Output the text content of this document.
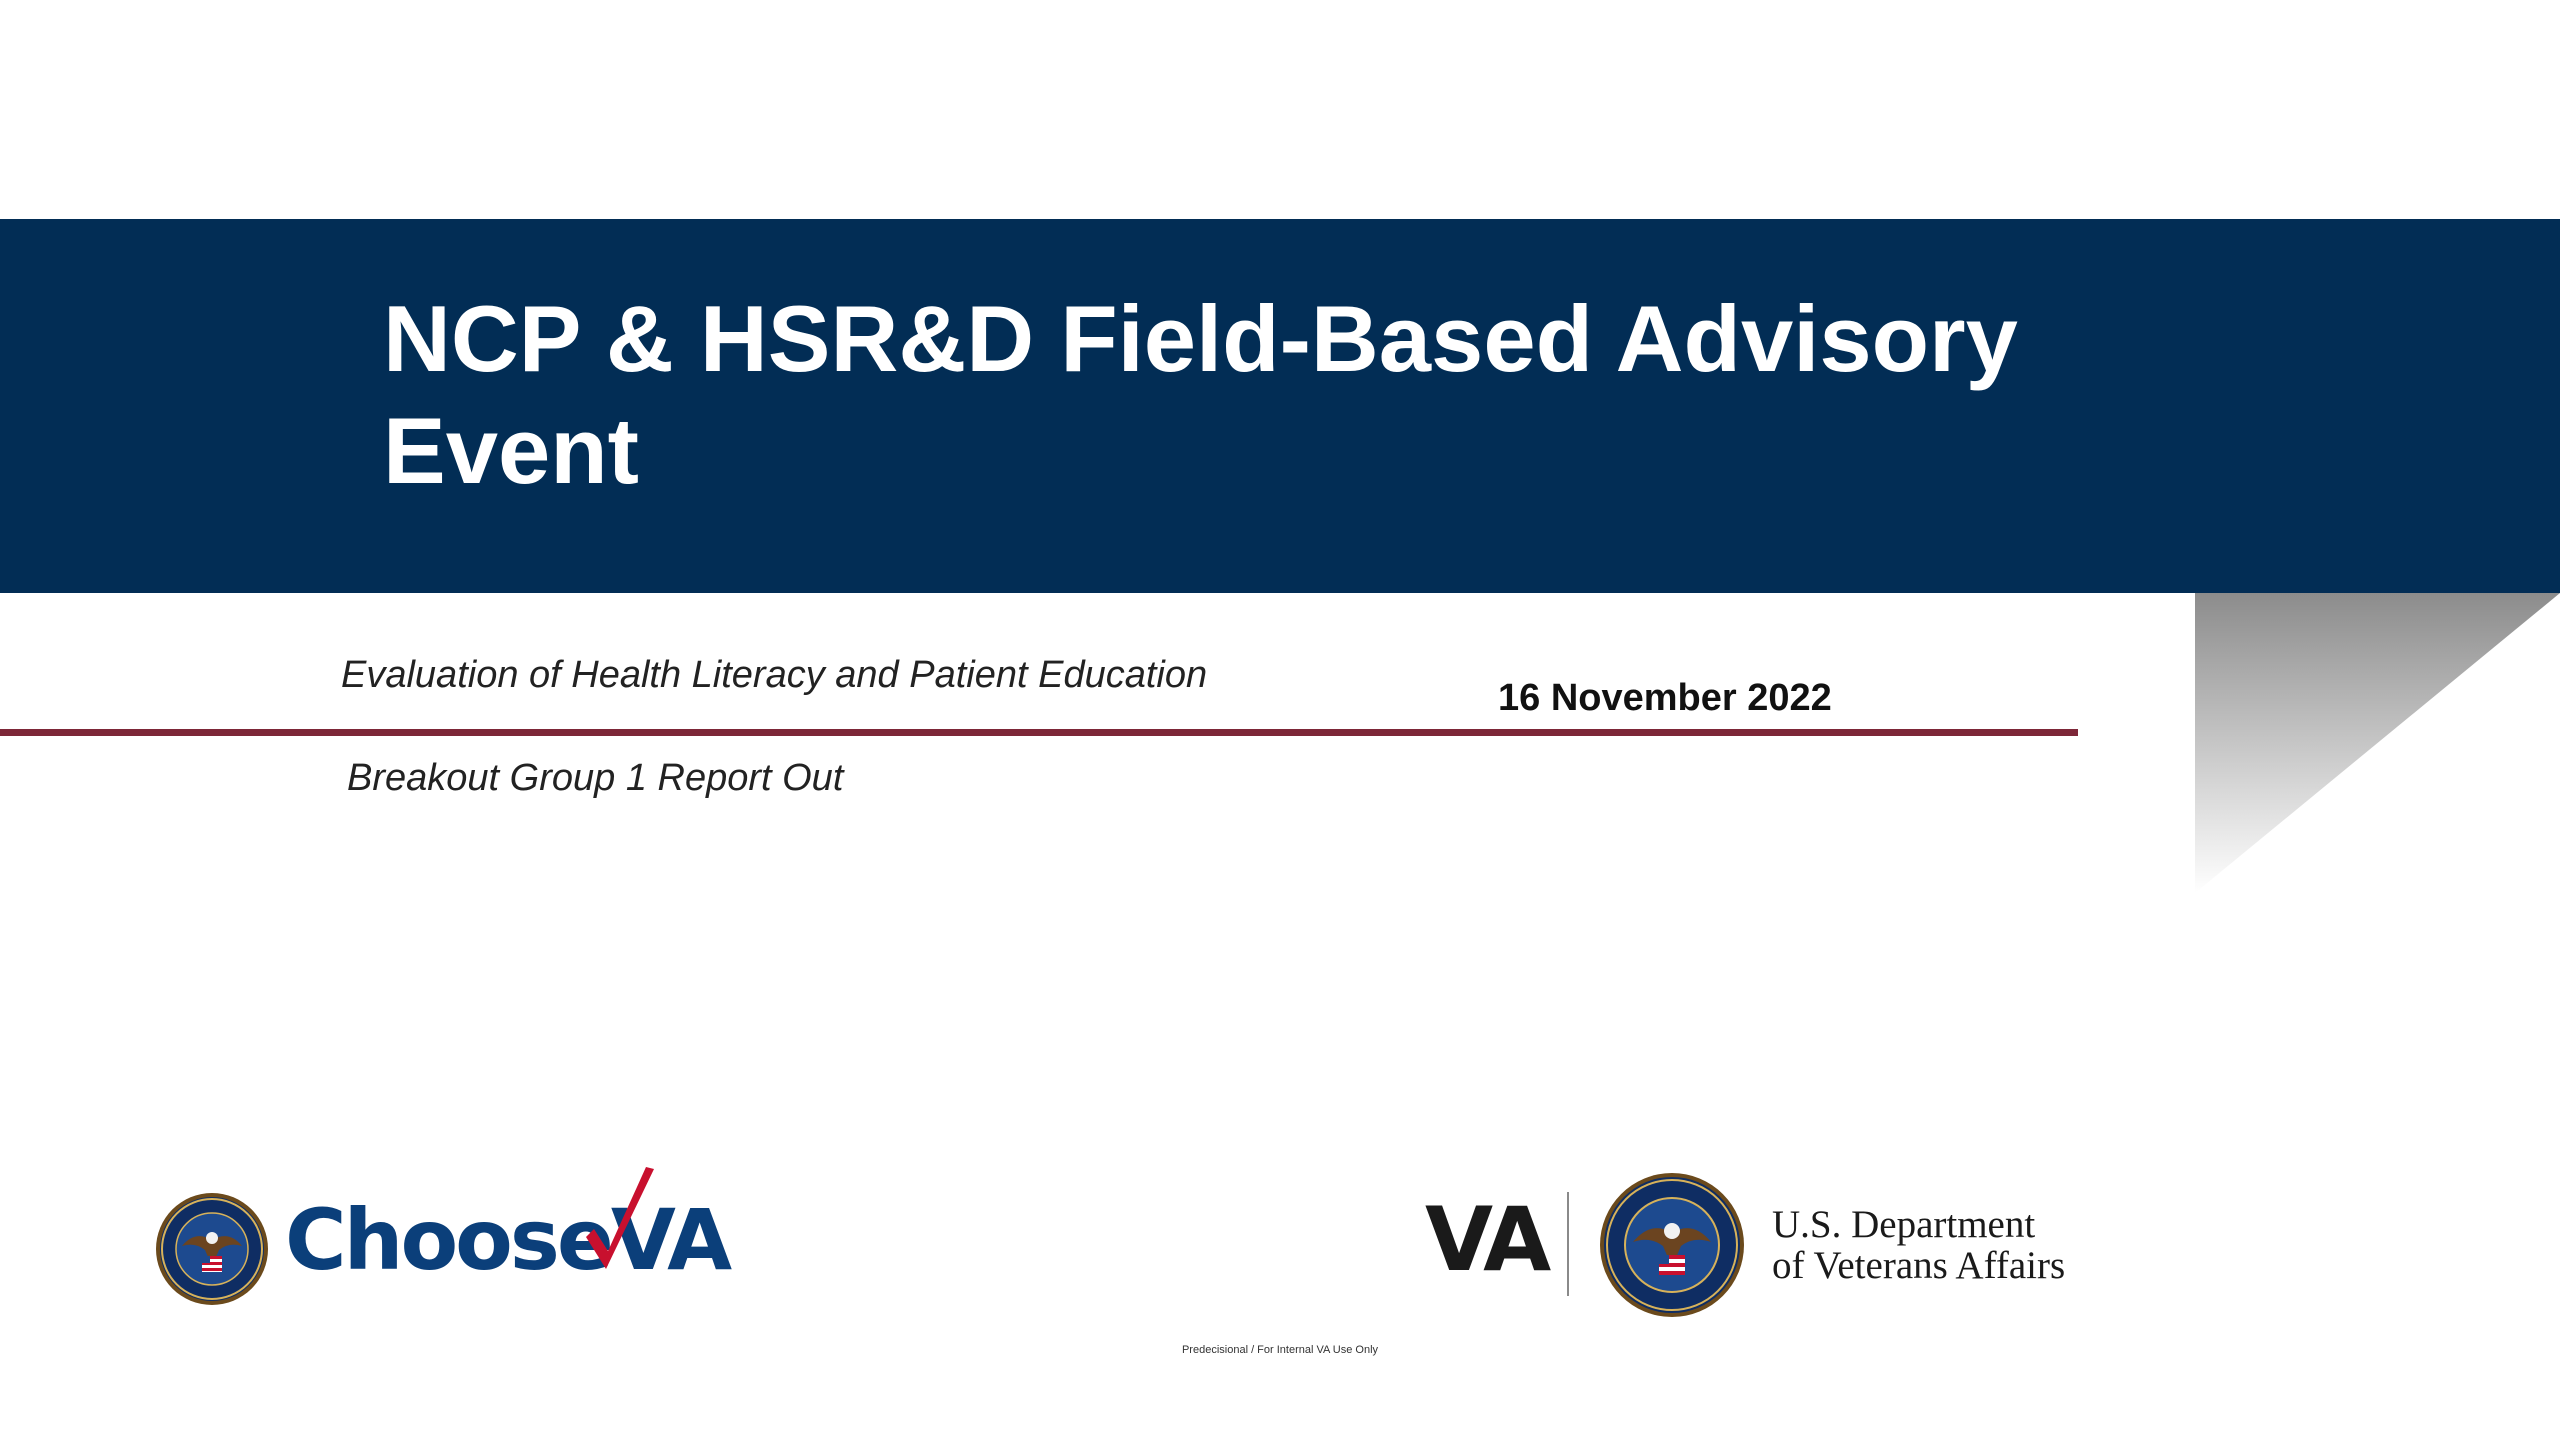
NCP & HSR&D Field-Based Advisory Event
Evaluation of Health Literacy and Patient Education
16 November 2022
Breakout Group 1 Report Out
ChooseVA	VA	U.S. Department
of Veterans Affairs
Predecisional / For Internal VA Use Only
